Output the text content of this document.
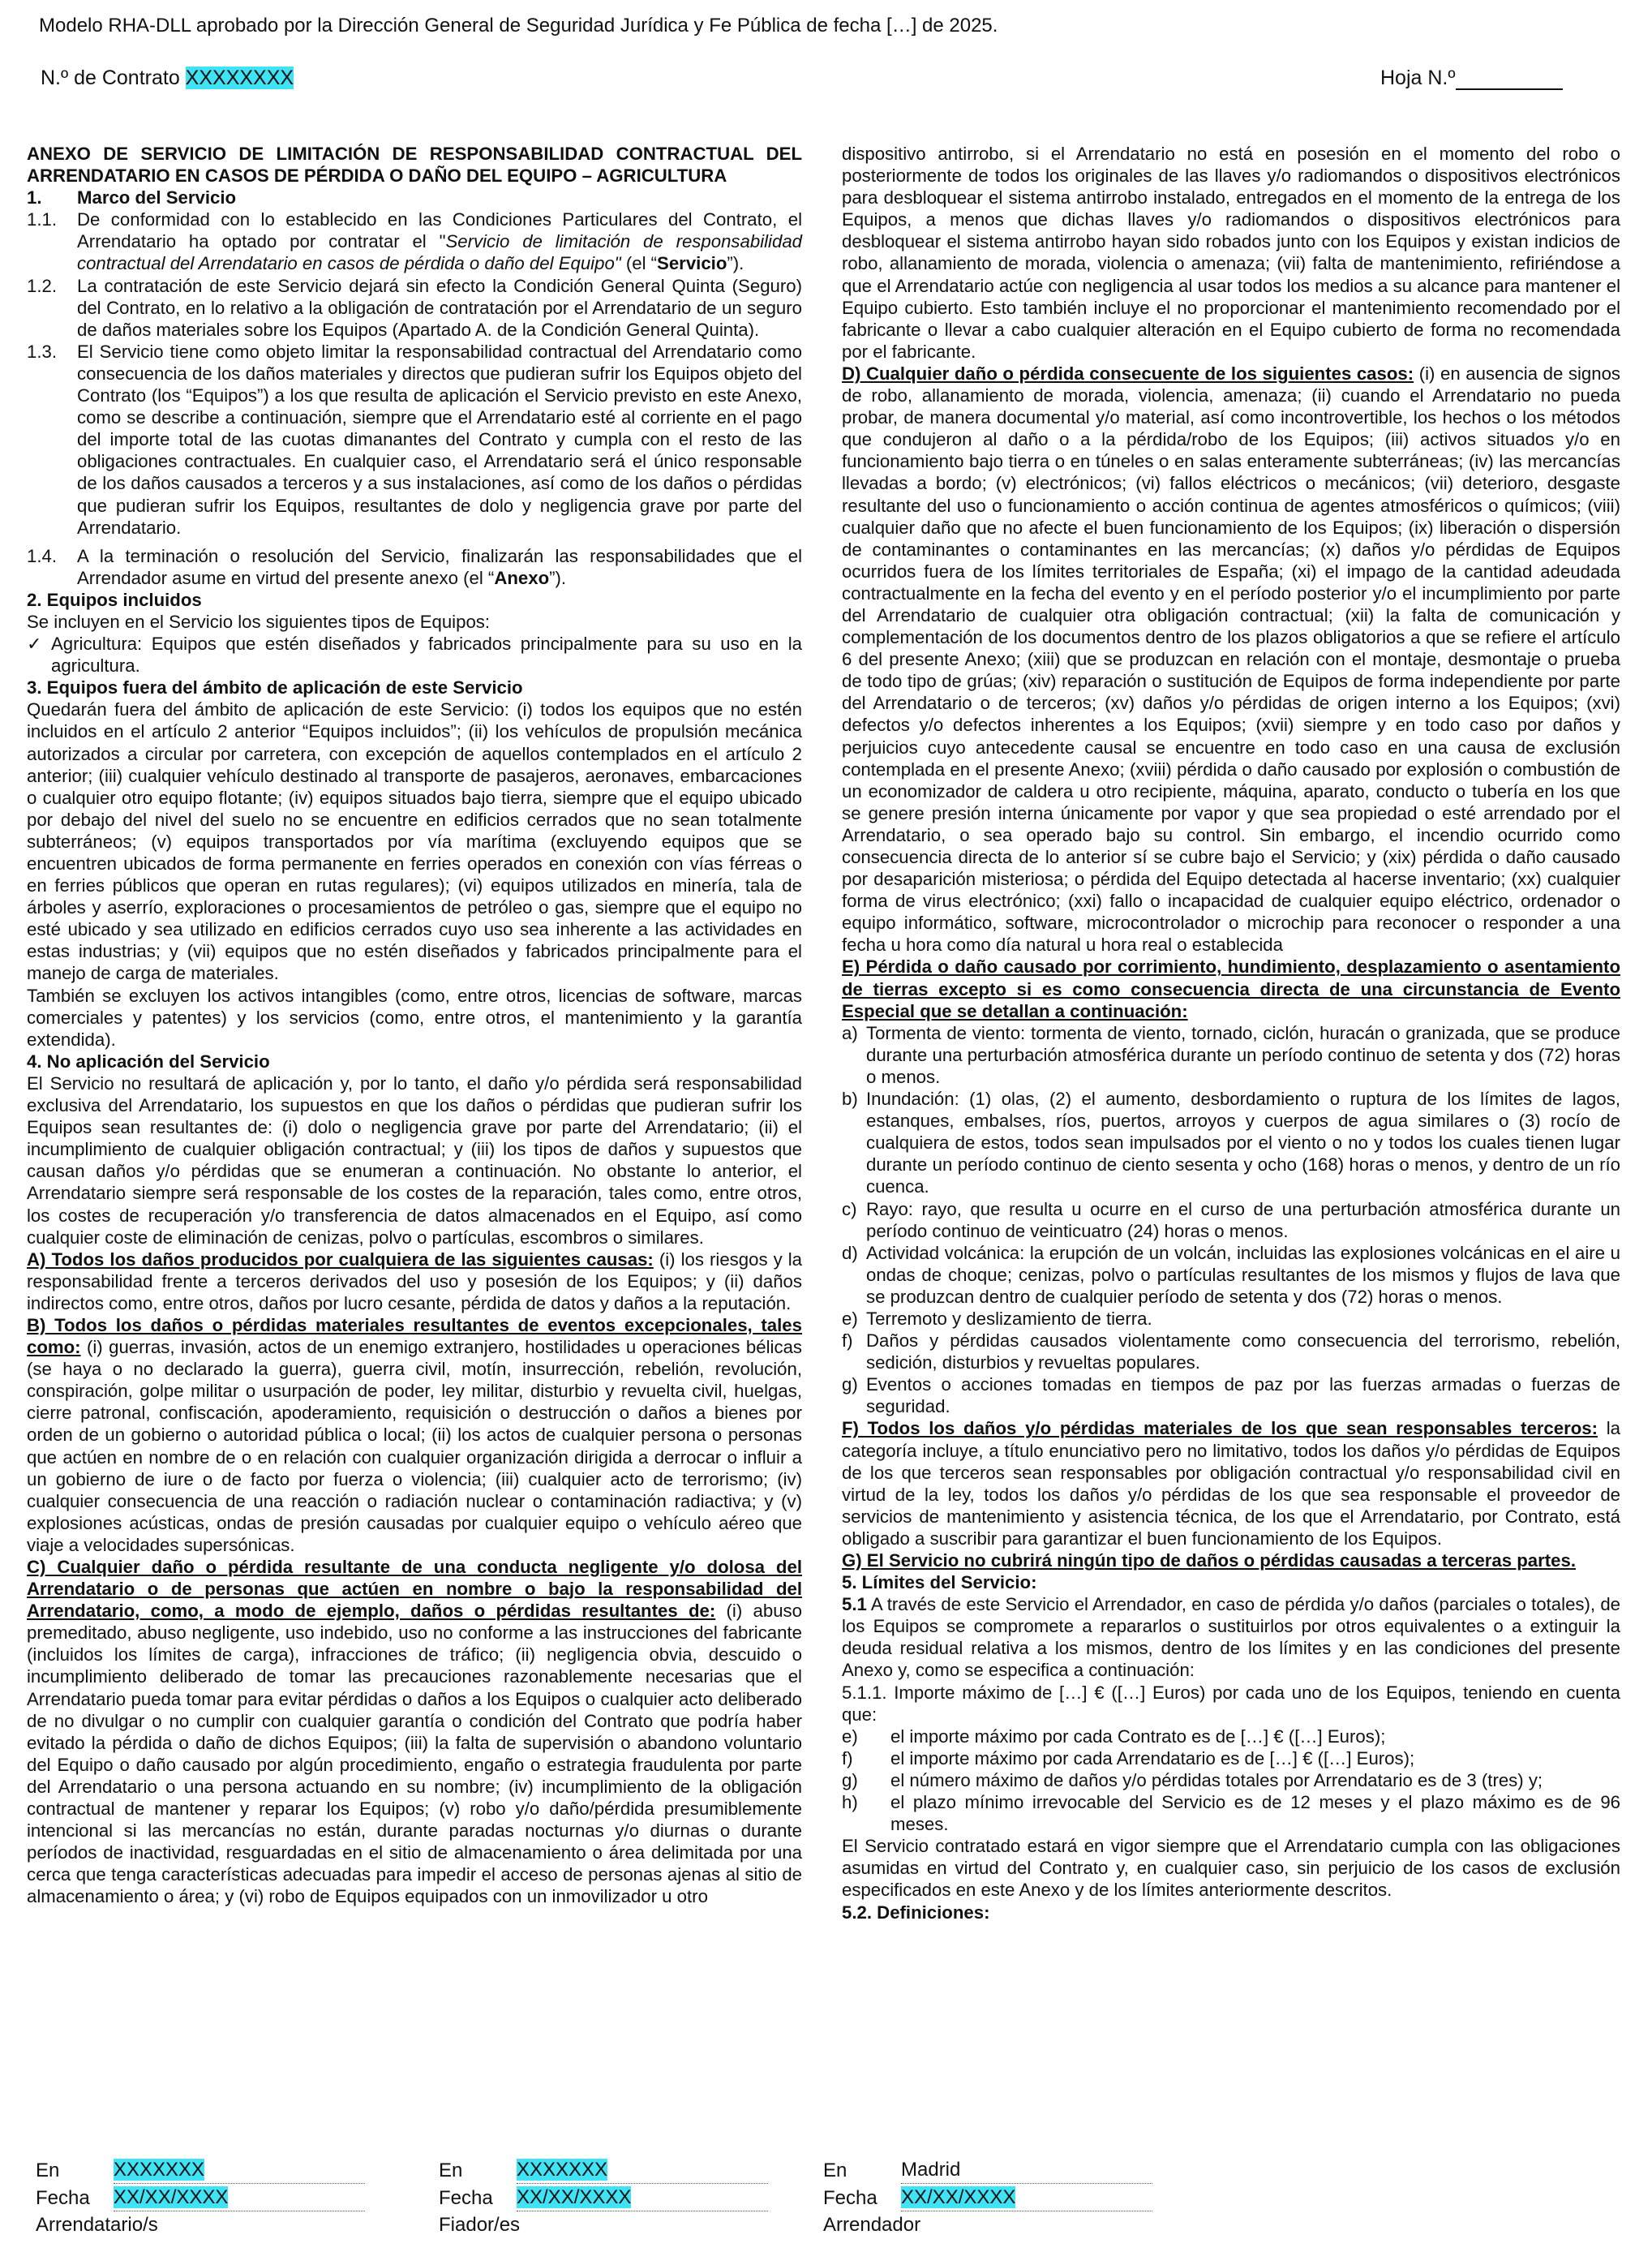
Modelo RHA-DLL aprobado por la Dirección General de Seguridad Jurídica y Fe Pública de fecha […] de 2025.
N.º de Contrato XXXXXXXX	Hoja N.º

ANEXO DE SERVICIO DE LIMITACIÓN DE RESPONSABILIDAD CONTRACTUAL DEL ARRENDATARIO EN CASOS DE PÉRDIDA O DAÑO DEL EQUIPO – AGRICULTURA

1.	Marco del Servicio
1.1.	De conformidad con lo establecido en las Condiciones Particulares del Contrato, el Arrendatario ha optado por contratar el "Servicio de limitación de responsabilidad contractual del Arrendatario en casos de pérdida o daño del Equipo" (el “Servicio”).
1.2.	La contratación de este Servicio dejará sin efecto la Condición General Quinta (Seguro) del Contrato, en lo relativo a la obligación de contratación por el Arrendatario de un seguro de daños materiales sobre los Equipos (Apartado A. de la Condición General Quinta).
1.3.	El Servicio tiene como objeto limitar la responsabilidad contractual del Arrendatario como consecuencia de los daños materiales y directos que pudieran sufrir los Equipos objeto del Contrato (los “Equipos”) a los que resulta de aplicación el Servicio previsto en este Anexo, como se describe a continuación, siempre que el Arrendatario esté al corriente en el pago del importe total de las cuotas dimanantes del Contrato y cumpla con el resto de las obligaciones contractuales. En cualquier caso, el Arrendatario será el único responsable de los daños causados a terceros y a sus instalaciones, así como de los daños o pérdidas que pudieran sufrir los Equipos, resultantes de dolo y negligencia grave por parte del Arrendatario.
1.4.	A la terminación o resolución del Servicio, finalizarán las responsabilidades que el Arrendador asume en virtud del presente anexo (el “Anexo”).

2. Equipos incluidos

Se incluyen en el Servicio los siguientes tipos de Equipos:

✓ Agricultura: Equipos que estén diseñados y fabricados principalmente para su uso en la agricultura.

3. Equipos fuera del ámbito de aplicación de este Servicio

Quedarán fuera del ámbito de aplicación de este Servicio: (i) todos los equipos que no estén incluidos en el artículo 2 anterior “Equipos incluidos”; (ii) los vehículos de propulsión mecánica autorizados a circular por carretera, con excepción de aquellos contemplados en el artículo 2 anterior; (iii) cualquier vehículo destinado al transporte de pasajeros, aeronaves, embarcaciones o cualquier otro equipo flotante; (iv) equipos situados bajo tierra, siempre que el equipo ubicado por debajo del nivel del suelo no se encuentre en edificios cerrados que no sean totalmente subterráneos; (v) equipos transportados por vía marítima (excluyendo equipos que se encuentren ubicados de forma permanente en ferries operados en conexión con vías férreas o en ferries públicos que operan en rutas regulares); (vi) equipos utilizados en minería, tala de árboles y aserrío, exploraciones o procesamientos de petróleo o gas, siempre que el equipo no esté ubicado y sea utilizado en edificios cerrados cuyo uso sea inherente a las actividades en estas industrias; y (vii) equipos que no estén diseñados y fabricados principalmente para el manejo de carga de materiales.

También se excluyen los activos intangibles (como, entre otros, licencias de software, marcas comerciales y patentes) y los servicios (como, entre otros, el mantenimiento y la garantía extendida).

4. No aplicación del Servicio

El Servicio no resultará de aplicación y, por lo tanto, el daño y/o pérdida será responsabilidad exclusiva del Arrendatario, los supuestos en que los daños o pérdidas que pudieran sufrir los Equipos sean resultantes de: (i) dolo o negligencia grave por parte del Arrendatario; (ii) el incumplimiento de cualquier obligación contractual; y (iii) los tipos de daños y supuestos que causan daños y/o pérdidas que se enumeran a continuación. No obstante lo anterior, el Arrendatario siempre será responsable de los costes de la reparación, tales como, entre otros, los costes de recuperación y/o transferencia de datos almacenados en el Equipo, así como cualquier coste de eliminación de cenizas, polvo o partículas, escombros o similares.

A) Todos los daños producidos por cualquiera de las siguientes causas: (i) los riesgos y la responsabilidad frente a terceros derivados del uso y posesión de los Equipos; y (ii) daños indirectos como, entre otros, daños por lucro cesante, pérdida de datos y daños a la reputación.

B) Todos los daños o pérdidas materiales resultantes de eventos excepcionales, tales como: (i) guerras, invasión, actos de un enemigo extranjero, hostilidades u operaciones bélicas (se haya o no declarado la guerra), guerra civil, motín, insurrección, rebelión, revolución, conspiración, golpe militar o usurpación de poder, ley militar, disturbio y revuelta civil, huelgas, cierre patronal, confiscación, apoderamiento, requisición o destrucción o daños a bienes por orden de un gobierno o autoridad pública o local; (ii) los actos de cualquier persona o personas que actúen en nombre de o en relación con cualquier organización dirigida a derrocar o influir a un gobierno de iure o de facto por fuerza o violencia; (iii) cualquier acto de terrorismo; (iv) cualquier consecuencia de una reacción o radiación nuclear o contaminación radiactiva; y (v) explosiones acústicas, ondas de presión causadas por cualquier equipo o vehículo aéreo que viaje a velocidades supersónicas.

C) Cualquier daño o pérdida resultante de una conducta negligente y/o dolosa del Arrendatario o de personas que actúen en nombre o bajo la responsabilidad del Arrendatario, como, a modo de ejemplo, daños o pérdidas resultantes de: (i) abuso premeditado, abuso negligente, uso indebido, uso no conforme a las instrucciones del fabricante (incluidos los límites de carga), infracciones de tráfico; (ii) negligencia obvia, descuido o incumplimiento deliberado de tomar las precauciones razonablemente necesarias que el Arrendatario pueda tomar para evitar pérdidas o daños a los Equipos o cualquier acto deliberado de no divulgar o no cumplir con cualquier garantía o condición del Contrato que podría haber evitado la pérdida o daño de dichos Equipos; (iii) la falta de supervisión o abandono voluntario del Equipo o daño causado por algún procedimiento, engaño o estrategia fraudulenta por parte del Arrendatario o una persona actuando en su nombre; (iv) incumplimiento de la obligación contractual de mantener y reparar los Equipos; (v) robo y/o daño/pérdida presumiblemente intencional si las mercancías no están, durante paradas nocturnas y/o diurnas o durante períodos de inactividad, resguardadas en el sitio de almacenamiento o área delimitada por una cerca que tenga características adecuadas para impedir el acceso de personas ajenas al sitio de almacenamiento o área; y (vi) robo de Equipos equipados con un inmovilizador u otro

dispositivo antirrobo, si el Arrendatario no está en posesión en el momento del robo o posteriormente de todos los originales de las llaves y/o radiomandos o dispositivos electrónicos para desbloquear el sistema antirrobo instalado, entregados en el momento de la entrega de los Equipos, a menos que dichas llaves y/o radiomandos o dispositivos electrónicos para desbloquear el sistema antirrobo hayan sido robados junto con los Equipos y existan indicios de robo, allanamiento de morada, violencia o amenaza; (vii) falta de mantenimiento, refiriéndose a que el Arrendatario actúe con negligencia al usar todos los medios a su alcance para mantener el Equipo cubierto. Esto también incluye el no proporcionar el mantenimiento recomendado por el fabricante o llevar a cabo cualquier alteración en el Equipo cubierto de forma no recomendada por el fabricante.

D) Cualquier daño o pérdida consecuente de los siguientes casos: (i) en ausencia de signos de robo, allanamiento de morada, violencia, amenaza; (ii) cuando el Arrendatario no pueda probar, de manera documental y/o material, así como incontrovertible, los hechos o los métodos que condujeron al daño o a la pérdida/robo de los Equipos; (iii) activos situados y/o en funcionamiento bajo tierra o en túneles o en salas enteramente subterráneas; (iv) las mercancías llevadas a bordo; (v) electrónicos; (vi) fallos eléctricos o mecánicos; (vii) deterioro, desgaste resultante del uso o funcionamiento o acción continua de agentes atmosféricos o químicos; (viii) cualquier daño que no afecte el buen funcionamiento de los Equipos; (ix) liberación o dispersión de contaminantes o contaminantes en las mercancías; (x) daños y/o pérdidas de Equipos ocurridos fuera de los límites territoriales de España; (xi) el impago de la cantidad adeudada contractualmente en la fecha del evento y en el período posterior y/o el incumplimiento por parte del Arrendatario de cualquier otra obligación contractual; (xii) la falta de comunicación y complementación de los documentos dentro de los plazos obligatorios a que se refiere el artículo 6 del presente Anexo; (xiii) que se produzcan en relación con el montaje, desmontaje o prueba de todo tipo de grúas; (xiv) reparación o sustitución de Equipos de forma independiente por parte del Arrendatario o de terceros; (xv) daños y/o pérdidas de origen interno a los Equipos; (xvi) defectos y/o defectos inherentes a los Equipos; (xvii) siempre y en todo caso por daños y perjuicios cuyo antecedente causal se encuentre en todo caso en una causa de exclusión contemplada en el presente Anexo; (xviii) pérdida o daño causado por explosión o combustión de un economizador de caldera u otro recipiente, máquina, aparato, conducto o tubería en los que se genere presión interna únicamente por vapor y que sea propiedad o esté arrendado por el Arrendatario, o sea operado bajo su control. Sin embargo, el incendio ocurrido como consecuencia directa de lo anterior sí se cubre bajo el Servicio; y (xix) pérdida o daño causado por desaparición misteriosa; o pérdida del Equipo detectada al hacerse inventario; (xx) cualquier forma de virus electrónico; (xxi) fallo o incapacidad de cualquier equipo eléctrico, ordenador o equipo informático, software, microcontrolador o microchip para reconocer o responder a una fecha u hora como día natural u hora real o establecida

E) Pérdida o daño causado por corrimiento, hundimiento, desplazamiento o asentamiento de tierras excepto si es como consecuencia directa de una circunstancia de Evento Especial que se detallan a continuación:

a) Tormenta de viento: tormenta de viento, tornado, ciclón, huracán o granizada, que se produce durante una perturbación atmosférica durante un período continuo de setenta y dos (72) horas o menos.
b) Inundación: (1) olas, (2) el aumento, desbordamiento o ruptura de los límites de lagos, estanques, embalses, ríos, puertos, arroyos y cuerpos de agua similares o (3) rocío de cualquiera de estos, todos sean impulsados por el viento o no y todos los cuales tienen lugar durante un período continuo de ciento sesenta y ocho (168) horas o menos, y dentro de un río cuenca.
c) Rayo: rayo, que resulta u ocurre en el curso de una perturbación atmosférica durante un período continuo de veinticuatro (24) horas o menos.
d) Actividad volcánica: la erupción de un volcán, incluidas las explosiones volcánicas en el aire u ondas de choque; cenizas, polvo o partículas resultantes de los mismos y flujos de lava que se produzcan dentro de cualquier período de setenta y dos (72) horas o menos.
e) Terremoto y deslizamiento de tierra.
f) Daños y pérdidas causados violentamente como consecuencia del terrorismo, rebelión, sedición, disturbios y revueltas populares.
g) Eventos o acciones tomadas en tiempos de paz por las fuerzas armadas o fuerzas de seguridad.

F) Todos los daños y/o pérdidas materiales de los que sean responsables terceros: la categoría incluye, a título enunciativo pero no limitativo, todos los daños y/o pérdidas de Equipos de los que terceros sean responsables por obligación contractual y/o responsabilidad civil en virtud de la ley, todos los daños y/o pérdidas de los que sea responsable el proveedor de servicios de mantenimiento y asistencia técnica, de los que el Arrendatario, por Contrato, está obligado a suscribir para garantizar el buen funcionamiento de los Equipos.

G) El Servicio no cubrirá ningún tipo de daños o pérdidas causadas a terceras partes.

5. Límites del Servicio:

5.1 A través de este Servicio el Arrendador, en caso de pérdida y/o daños (parciales o totales), de los Equipos se compromete a repararlos o sustituirlos por otros equivalentes o a extinguir la deuda residual relativa a los mismos, dentro de los límites y en las condiciones del presente Anexo y, como se especifica a continuación:

5.1.1. Importe máximo de […] € ([…] Euros) por cada uno de los Equipos, teniendo en cuenta que:

e)	el importe máximo por cada Contrato es de […] € ([…] Euros);
f)	el importe máximo por cada Arrendatario es de […] € ([…] Euros);
g)	el número máximo de daños y/o pérdidas totales por Arrendatario es de 3 (tres) y;
h)	el plazo mínimo irrevocable del Servicio es de 12 meses y el plazo máximo es de 96 meses.

El Servicio contratado estará en vigor siempre que el Arrendatario cumpla con las obligaciones asumidas en virtud del Contrato y, en cualquier caso, sin perjuicio de los casos de exclusión especificados en este Anexo y de los límites anteriormente descritos.

5.2. Definiciones:

En	XXXXXXX
Fecha	XX/XX/XXXX
Arrendatario/s
En	XXXXXXX
Fecha	XX/XX/XXXX
Fiador/es
En	Madrid
Fecha	XX/XX/XXXX
Arrendador
